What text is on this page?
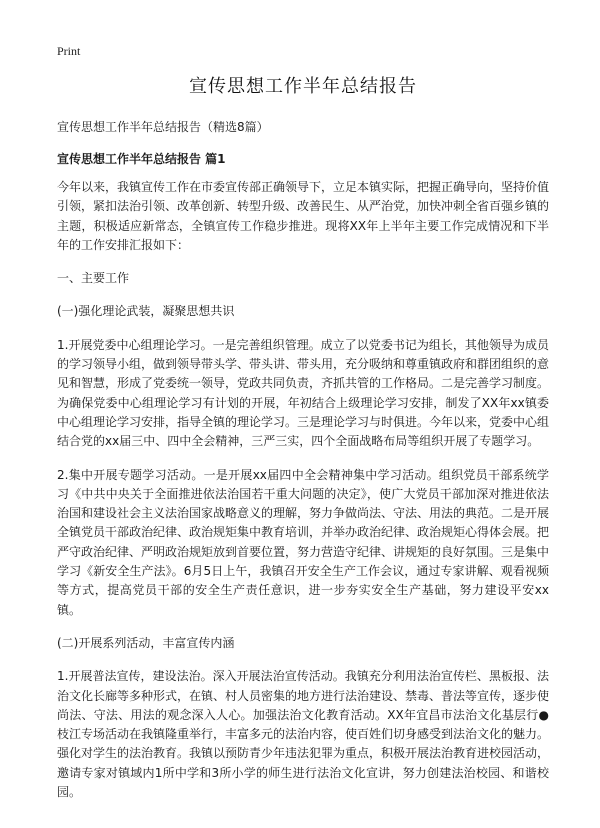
Print
宣传思想工作半年总结报告
宣传思想工作半年总结报告（精选8篇）
宣传思想工作半年总结报告 篇1

今年以来，我镇宣传工作在市委宣传部正确领导下，立足本镇实际，把握正确导向，坚持价值引领，紧扣法治引领、改革创新、转型升级、改善民生、从严治党，加快冲刺全省百强乡镇的主题，积极适应新常态，全镇宣传工作稳步推进。现将XX年上半年主要工作完成情况和下半年的工作安排汇报如下：

一、主要工作

(一)强化理论武装，凝聚思想共识

1.开展党委中心组理论学习。一是完善组织管理。成立了以党委书记为组长，其他领导为成员的学习领导小组，做到领导带头学、带头讲、带头用，充分吸纳和尊重镇政府和群团组织的意见和智慧，形成了党委统一领导，党政共同负责，齐抓共管的工作格局。二是完善学习制度。为确保党委中心组理论学习有计划的开展，年初结合上级理论学习安排，制发了XX年xx镇委中心组理论学习安排，指导全镇的理论学习。三是理论学习与时俱进。今年以来，党委中心组结合党的xx届三中、四中全会精神，三严三实，四个全面战略布局等组织开展了专题学习。

2.集中开展专题学习活动。一是开展xx届四中全会精神集中学习活动。组织党员干部系统学习《中共中央关于全面推进依法治国若干重大问题的决定》，使广大党员干部加深对推进依法治国和建设社会主义法治国家战略意义的理解，努力争做尚法、守法、用法的典范。二是开展全镇党员干部政治纪律、政治规矩集中教育培训，并举办政治纪律、政治规矩心得体会展。把严守政治纪律、严明政治规矩放到首要位置，努力营造守纪律、讲规矩的良好氛围。三是集中学习《新安全生产法》。6月5日上午，我镇召开安全生产工作会议，通过专家讲解、观看视频等方式，提高党员干部的安全生产责任意识，进一步夯实安全生产基础，努力建设平安xx镇。

(二)开展系列活动，丰富宣传内涵

1.开展普法宣传，建设法治。深入开展法治宣传活动。我镇充分利用法治宣传栏、黑板报、法治文化长廊等多种形式，在镇、村人员密集的地方进行法治建设、禁毒、普法等宣传，逐步使尚法、守法、用法的观念深入人心。加强法治文化教育活动。XX年宜昌市法治文化基层行●枝江专场活动在我镇隆重举行，丰富多元的法治内容，使百姓们切身感受到法治文化的魅力。强化对学生的法治教育。我镇以预防青少年违法犯罪为重点，积极开展法治教育进校园活动，邀请专家对镇域内1所中学和3所小学的师生进行法治文化宣讲，努力创建法治校园、和谐校园。
